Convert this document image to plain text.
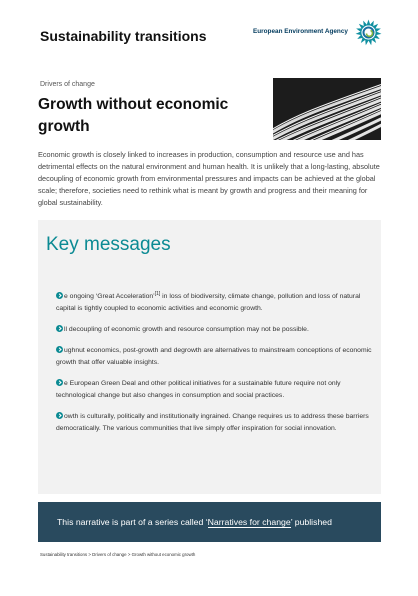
Sustainability transitions	European Environment Agency
Drivers of change
Growth without economic growth
Economic growth is closely linked to increases in production, consumption and resource use and has detrimental effects on the natural environment and human health. It is unlikely that a long-lasting, absolute decoupling of economic growth from environmental pressures and impacts can be achieved at the global scale; therefore, societies need to rethink what is meant by growth and progress and their meaning for global sustainability.
Key messages
e ongoing ‘Great Acceleration’[1] in loss of biodiversity, climate change, pollution and loss of natural capital is tightly coupled to economic activities and economic growth.
ll decoupling of economic growth and resource consumption may not be possible.
ughnut economics, post-growth and degrowth are alternatives to mainstream conceptions of economic growth that offer valuable insights.
e European Green Deal and other political initiatives for a sustainable future require not only technological change but also changes in consumption and social practices.
owth is culturally, politically and institutionally ingrained. Change requires us to address these barriers democratically. The various communities that live simply offer inspiration for social innovation.
This narrative is part of a series called ‘Narratives for change’ published
Sustainability transitions > Drivers of change > Growth without economic growth
